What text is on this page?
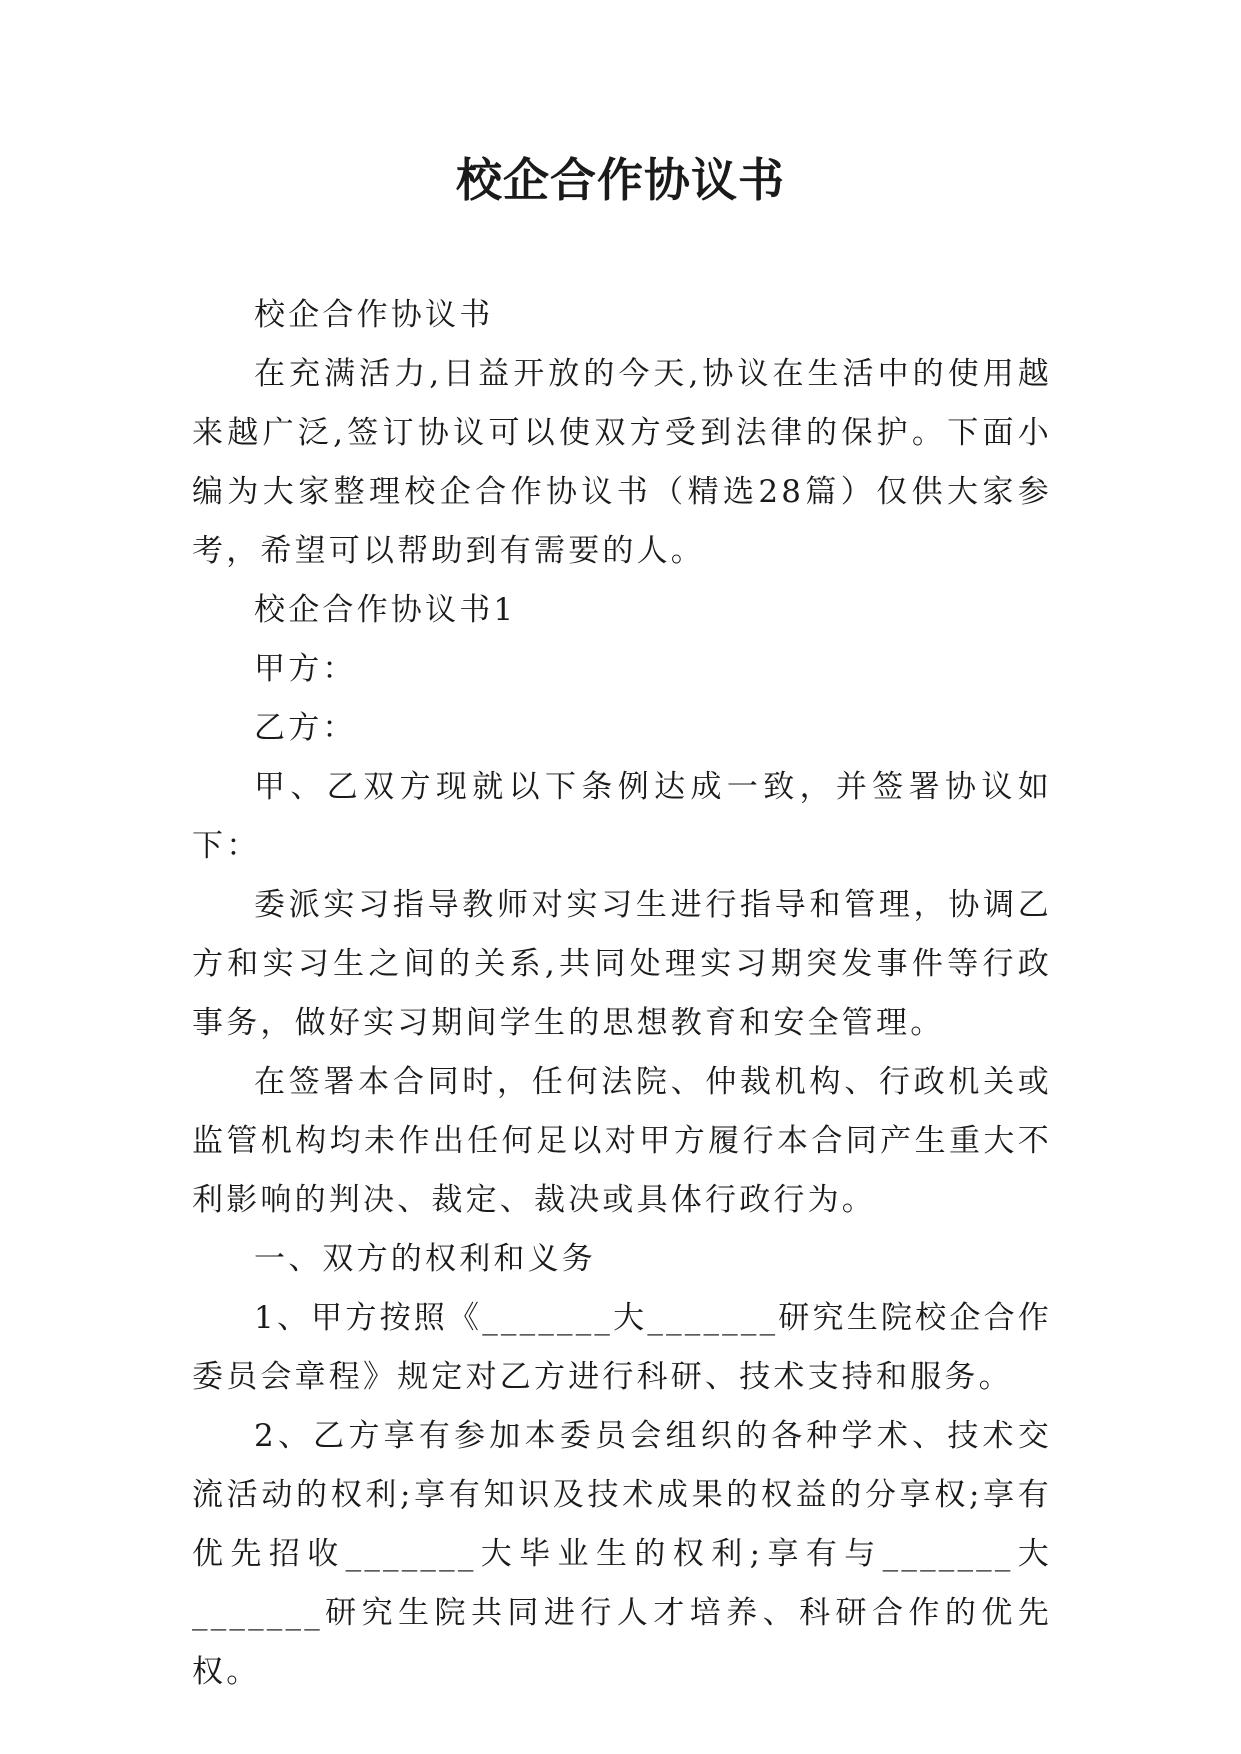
校企合作协议书

校企合作协议书

在充满活力,日益开放的今天,协议在生活中的使用越来越广泛,签订协议可以使双方受到法律的保护。下面小编为大家整理校企合作协议书（精选28篇）仅供大家参考，希望可以帮助到有需要的人。

校企合作协议书1

甲方：

乙方：

甲、乙双方现就以下条例达成一致，并签署协议如下：

委派实习指导教师对实习生进行指导和管理，协调乙方和实习生之间的关系,共同处理实习期突发事件等行政事务，做好实习期间学生的思想教育和安全管理。

在签署本合同时，任何法院、仲裁机构、行政机关或监管机构均未作出任何足以对甲方履行本合同产生重大不利影响的判决、裁定、裁决或具体行政行为。

一、双方的权利和义务

1、甲方按照《_______大_______研究生院校企合作委员会章程》规定对乙方进行科研、技术支持和服务。

2、乙方享有参加本委员会组织的各种学术、技术交流活动的权利;享有知识及技术成果的权益的分享权;享有优先招收_______大毕业生的权利;享有与_______大_______研究生院共同进行人才培养、科研合作的优先权。
